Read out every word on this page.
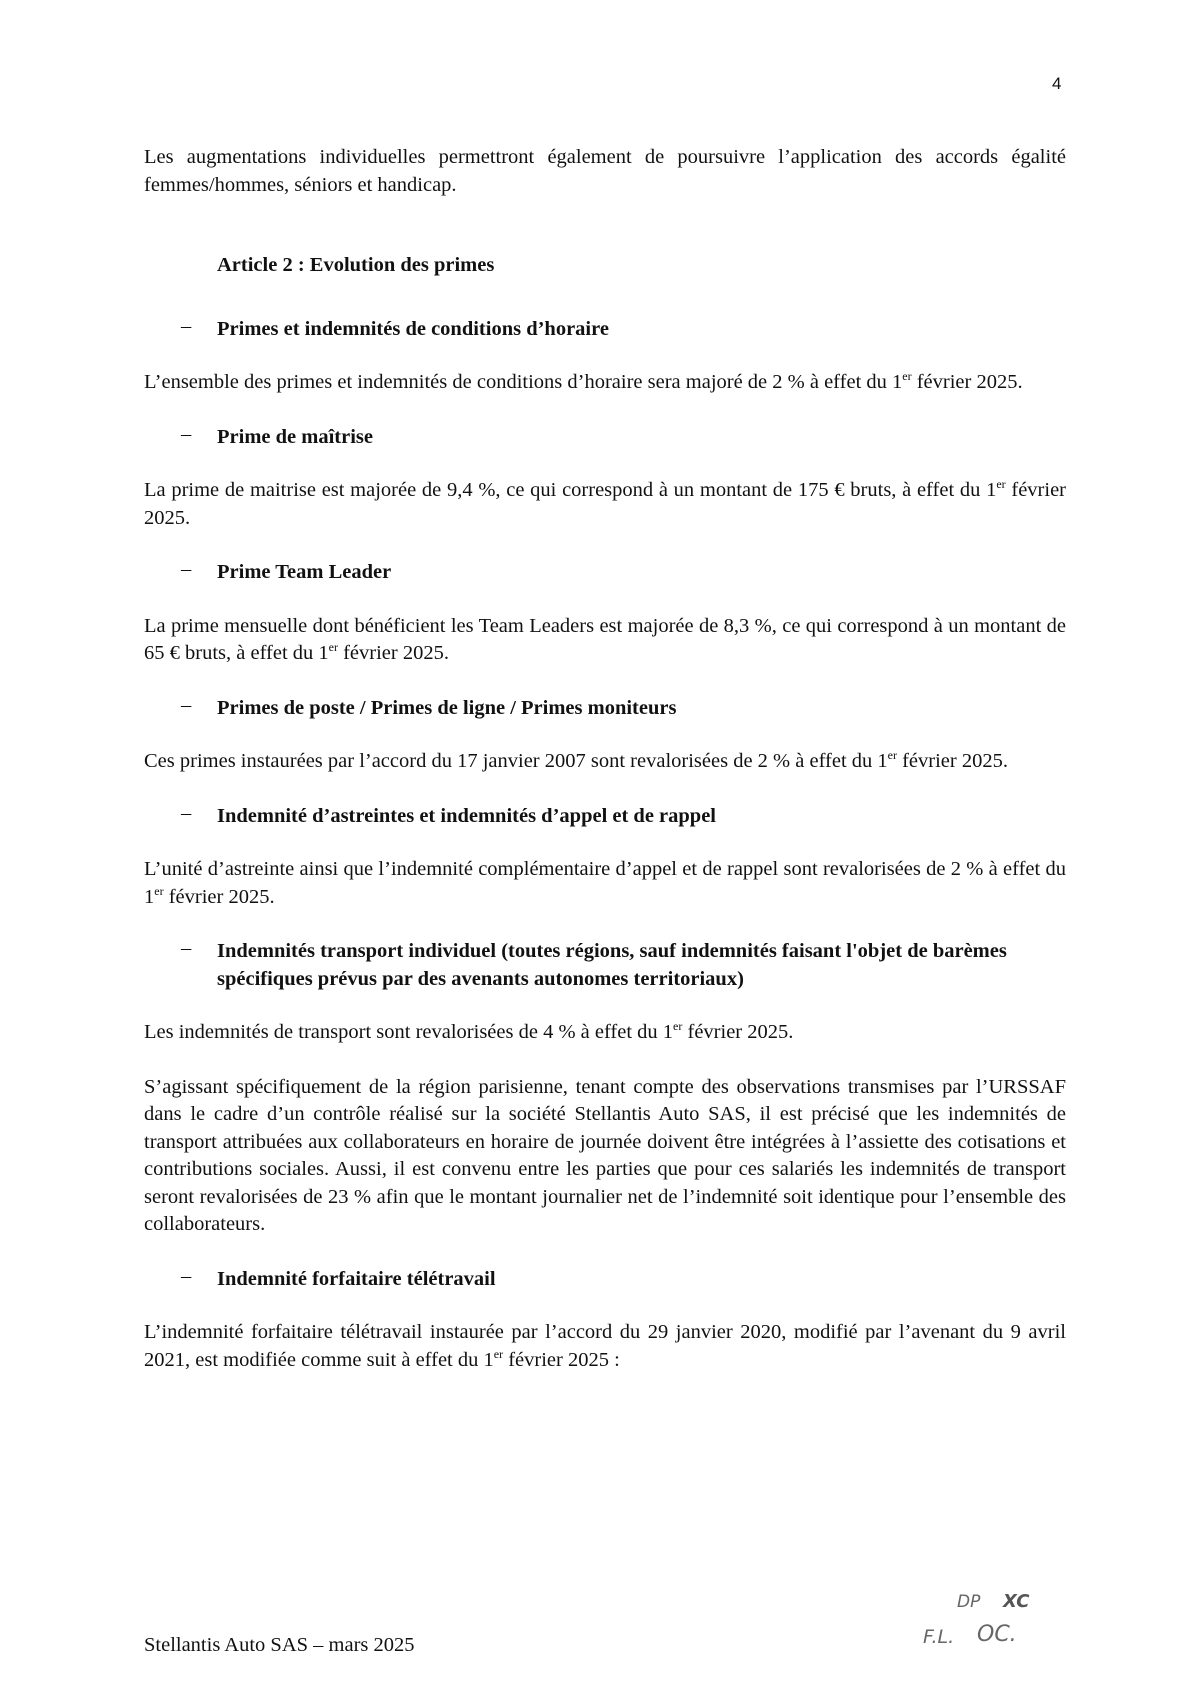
4

Les augmentations individuelles permettront également de poursuivre l’application des accords égalité femmes/hommes, séniors et handicap.

Article 2 : Evolution des primes
– Primes et indemnités de conditions d’horaire

L’ensemble des primes et indemnités de conditions d’horaire sera majoré de 2 % à effet du 1er février 2025.

– Prime de maîtrise

La prime de maitrise est majorée de 9,4 %, ce qui correspond à un montant de 175 € bruts, à effet du 1er février 2025.

– Prime Team Leader

La prime mensuelle dont bénéficient les Team Leaders est majorée de 8,3 %, ce qui correspond à un montant de 65 € bruts, à effet du 1er février 2025.

– Primes de poste / Primes de ligne / Primes moniteurs

Ces primes instaurées par l’accord du 17 janvier 2007 sont revalorisées de 2 % à effet du 1er février 2025.

– Indemnité d’astreintes et indemnités d’appel et de rappel

L’unité d’astreinte ainsi que l’indemnité complémentaire d’appel et de rappel sont revalorisées de 2 % à effet du 1er février 2025.

– Indemnités transport individuel (toutes régions, sauf indemnités faisant l'objet de barèmes spécifiques prévus par des avenants autonomes territoriaux)

Les indemnités de transport sont revalorisées de 4 % à effet du 1er février 2025.

S’agissant spécifiquement de la région parisienne, tenant compte des observations transmises par l’URSSAF dans le cadre d’un contrôle réalisé sur la société Stellantis Auto SAS, il est précisé que les indemnités de transport attribuées aux collaborateurs en horaire de journée doivent être intégrées à l’assiette des cotisations et contributions sociales. Aussi, il est convenu entre les parties que pour ces salariés les indemnités de transport seront revalorisées de 23 % afin que le montant journalier net de l’indemnité soit identique pour l’ensemble des collaborateurs.

– Indemnité forfaitaire télétravail

L’indemnité forfaitaire télétravail instaurée par l’accord du 29 janvier 2020, modifié par l’avenant du 9 avril 2021, est modifiée comme suit à effet du 1er février 2025 :

Stellantis Auto SAS – mars 2025
DP XC
F.L. OC.
